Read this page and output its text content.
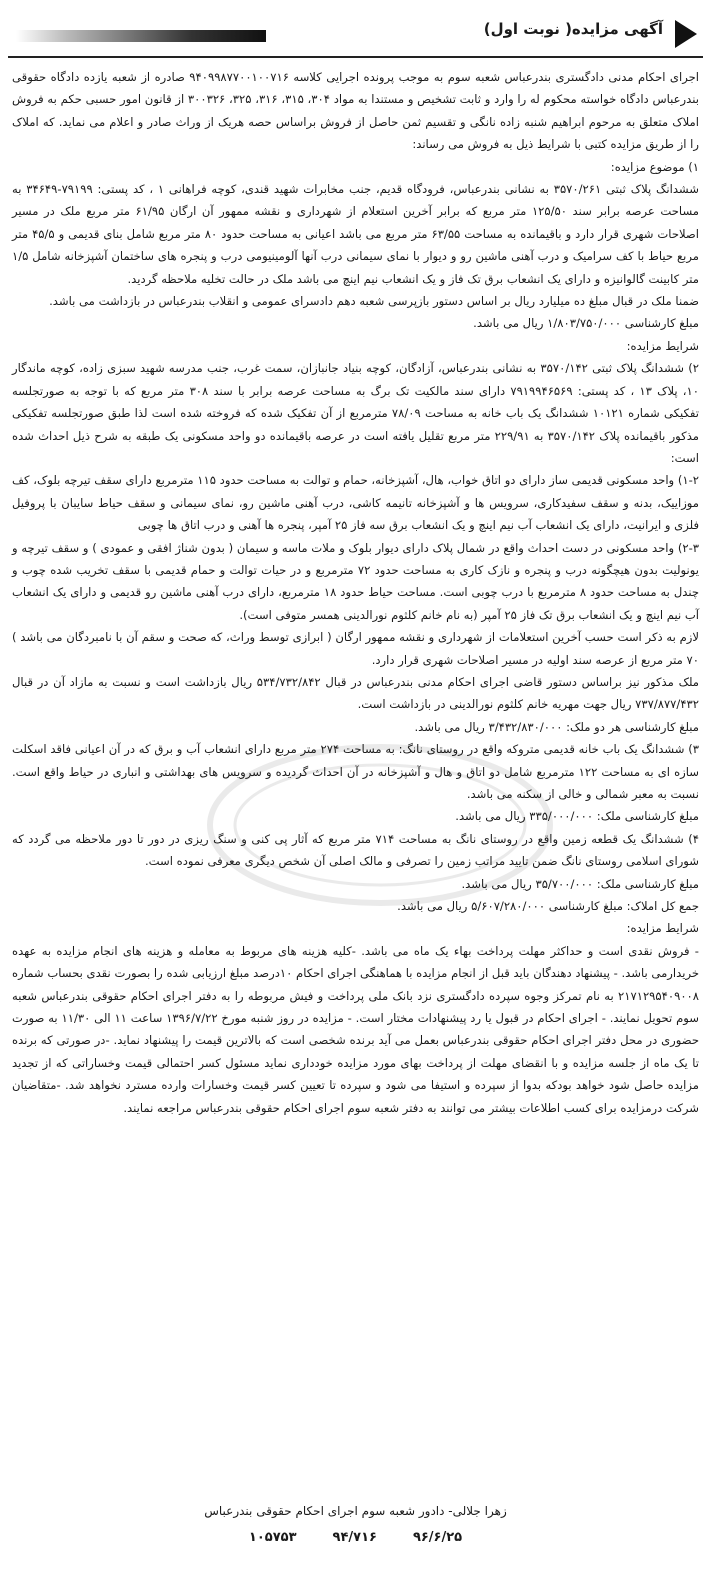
آگهی مزایده( نوبت اول)

اجرای احکام مدنی دادگستری بندرعباس شعبه سوم به موجب پرونده اجرایی کلاسه ۹۴۰۹۹۸۷۷۰۰۱۰۰۷۱۶ صادره از شعبه یازده دادگاه حقوقی بندرعباس دادگاه خواسته محکوم له را وارد و ثابت تشخیص و مستندا به مواد ۳۰۴، ۳۱۵، ۳۱۶، ۳۲۵، ۳۰۰۳۲۶ از قانون امور حسبی حکم به فروش املاک متعلق به مرحوم ابراهیم شنبه زاده نانگی و تقسیم ثمن حاصل از فروش براساس حصه هریک از وراث صادر و اعلام می نماید. که املاک را از طریق مزایده کتبی با شرایط ذیل به فروش می رساند:

۱) موضوع مزایده:

ششدانگ پلاک ثبتی ۳۵۷۰/۲۶۱ به نشانی بندرعباس، فرودگاه قدیم، جنب مخابرات شهید قندی، کوچه فراهانی ۱ ، کد پستی: ۷۹۱۹۹-۳۴۶۴۹ به مساحت عرصه برابر سند ۱۲۵/۵۰ متر مربع که برابر آخرین استعلام از شهرداری و نقشه ممهور آن ارگان ۶۱/۹۵ متر مربع ملک در مسیر اصلاحات شهری قرار دارد و باقیمانده به مساحت ۶۳/۵۵ متر مربع می باشد اعیانی به مساحت حدود ۸۰ متر مربع شامل بنای قدیمی و ۴۵/۵ متر مربع حیاط با کف سرامیک و درب آهنی ماشین رو و دیوار با نمای سیمانی درب آنها آلومینیومی درب و پنجره های ساختمان آشپزخانه شامل ۱/۵ متر کابینت گالوانیزه و دارای یک انشعاب برق تک فاز و یک انشعاب نیم اینچ می باشد ملک در حالت تخلیه ملاحظه گردید.

ضمنا ملک در قبال مبلغ ده میلیارد ریال بر اساس دستور بازپرسی شعبه دهم دادسرای عمومی و انقلاب بندرعباس در بازداشت می باشد.

مبلغ کارشناسی ۱/۸۰۳/۷۵۰/۰۰۰ ریال می باشد.

شرایط مزایده:

۲) ششدانگ پلاک ثبتی ۳۵۷۰/۱۴۲ به نشانی بندرعباس، آزادگان، کوچه بنیاد جانبازان، سمت غرب، جنب مدرسه شهید سبزی زاده، کوچه ماندگار ۱۰، پلاک ۱۳ ، کد پستی: ۷۹۱۹۹۴۶۵۶۹ دارای سند مالکیت تک برگ به مساحت عرصه برابر با سند ۳۰۸ متر مربع که با توجه به صورتجلسه تفکیکی شماره ۱۰۱۲۱ ششدانگ یک باب خانه به مساحت ۷۸/۰۹ مترمربع از آن تفکیک شده که فروخته شده است لذا طبق صورتجلسه تفکیکی مذکور باقیمانده پلاک ۳۵۷۰/۱۴۲ به ۲۲۹/۹۱ متر مربع تقلیل یافته است در عرصه باقیمانده دو واحد مسکونی یک طبقه به شرح ذیل احداث شده است:

۱-۲) واحد مسکونی قدیمی ساز دارای دو اتاق خواب، هال، آشپزخانه، حمام و توالت به مساحت حدود ۱۱۵ مترمربع دارای سقف تیرچه بلوک، کف موزاییک، بدنه و سقف سفیدکاری، سرویس ها و آشپزخانه تانیمه کاشی، درب آهنی ماشین رو، نمای سیمانی و سقف حیاط سایبان با پروفیل فلزی و ایرانیت، دارای یک انشعاب آب نیم اینچ و یک انشعاب برق سه فاز ۲۵ آمپر، پنجره ها آهنی و درب اتاق ها چوبی

۲-۳) واحد مسکونی در دست احداث واقع در شمال پلاک دارای دیوار بلوک و ملات ماسه و سیمان ( بدون شناژ افقی و عمودی ) و سقف تیرچه و یونولیت بدون هیچگونه درب و پنجره و نازک کاری به مساحت حدود ۷۲ مترمربع و در حیات توالت و حمام قدیمی با سقف تخریب شده چوب و چندل به مساحت حدود ۸ مترمربع با درب چوبی است. مساحت حیاط حدود ۱۸ مترمربع، دارای درب آهنی ماشین رو قدیمی و دارای یک انشعاب آب نیم اینچ و یک انشعاب برق تک فاز ۲۵ آمپر (به نام خانم کلثوم نورالدینی همسر متوفی است).

لازم به ذکر است حسب آخرین استعلامات از شهرداری و نقشه ممهور ارگان ( ابرازی توسط وراث، که صحت و سقم آن با نامبردگان می باشد ) ۷۰ متر مربع از عرصه سند اولیه در مسیر اصلاحات شهری قرار دارد.

ملک مذکور نیز براساس دستور قاضی اجرای احکام مدنی بندرعباس در قبال ۵۳۴/۷۳۲/۸۴۲ ریال بازداشت است و نسبت به مازاد آن در قبال ۷۳۷/۸۷۷/۴۳۲ ریال جهت مهریه خانم کلثوم نورالدینی در بازداشت است.

مبلغ کارشناسی هر دو ملک: ۳/۴۳۲/۸۳۰/۰۰۰ ریال می باشد.

۳) ششدانگ یک باب خانه قدیمی متروکه واقع در روستای نانگ: به مساحت ۲۷۴ متر مربع دارای انشعاب آب و برق که در آن اعیانی فاقد اسکلت سازه ای به مساحت ۱۲۲ مترمربع شامل دو اتاق و هال و آشپزخانه در آن احداث گردیده و سرویس های بهداشتی و انباری در حیاط واقع است. نسبت به معبر شمالی و خالی از سکنه می باشد.

مبلغ کارشناسی ملک: ۳۳۵/۰۰۰/۰۰۰ ریال می باشد.

۴) ششدانگ یک قطعه زمین واقع در روستای نانگ به مساحت ۷۱۴ متر مربع که آثار پی کنی و سنگ ریزی در دور تا دور ملاحظه می گردد که شورای اسلامی روستای نانگ ضمن تایید مراتب زمین را تصرفی و مالک اصلی آن شخص دیگری معرفی نموده است.

مبلغ کارشناسی ملک: ۳۵/۷۰۰/۰۰۰ ریال می باشد.

جمع کل املاک: مبلغ کارشناسی ۵/۶۰۷/۲۸۰/۰۰۰ ریال می باشد.

شرایط مزایده:

- فروش نقدی است و حداکثر مهلت پرداخت بهاء یک ماه می باشد. -کلیه هزینه های مربوط به معامله و هزینه های انجام مزایده به عهده خریدارمی باشد. - پیشنهاد دهندگان باید قبل از انجام مزایده با هماهنگی اجرای احکام ۱۰درصد مبلغ ارزیابی شده را بصورت نقدی بحساب شماره ۲۱۷۱۲۹۵۴۰۹۰۰۸ به نام تمرکز وجوه سپرده دادگستری نزد بانک ملی پرداخت و فیش مربوطه را به دفتر اجرای احکام حقوقی بندرعباس شعبه سوم تحویل نمایند. - اجرای احکام در قبول یا رد پیشنهادات مختار است. - مزایده در روز شنبه مورخ ۱۳۹۶/۷/۲۲ ساعت ۱۱ الی ۱۱/۳۰ به صورت حضوری در محل دفتر اجرای احکام حقوقی بندرعباس بعمل می آید برنده شخصی است که بالاترین قیمت را پیشنهاد نماید. -در صورتی که برنده تا یک ماه از جلسه مزایده و با انقضای مهلت از پرداخت بهای مورد مزایده خودداری نماید مسئول کسر احتمالی قیمت وخساراتی که از تجدید مزایده حاصل شود خواهد بودکه بدوا از سپرده و استیفا می شود و سپرده تا تعیین کسر قیمت وخسارات وارده مسترد نخواهد شد. -متقاضیان شرکت درمزایده برای کسب اطلاعات بیشتر می توانند به دفتر شعبه سوم اجرای احکام حقوقی بندرعباس مراجعه نمایند.

زهرا جلالی- دادور شعبه سوم اجرای احکام حقوقی بندرعباس
۹۶/۶/۲۵
۹۴/۷۱۶
۱۰۵۷۵۳
